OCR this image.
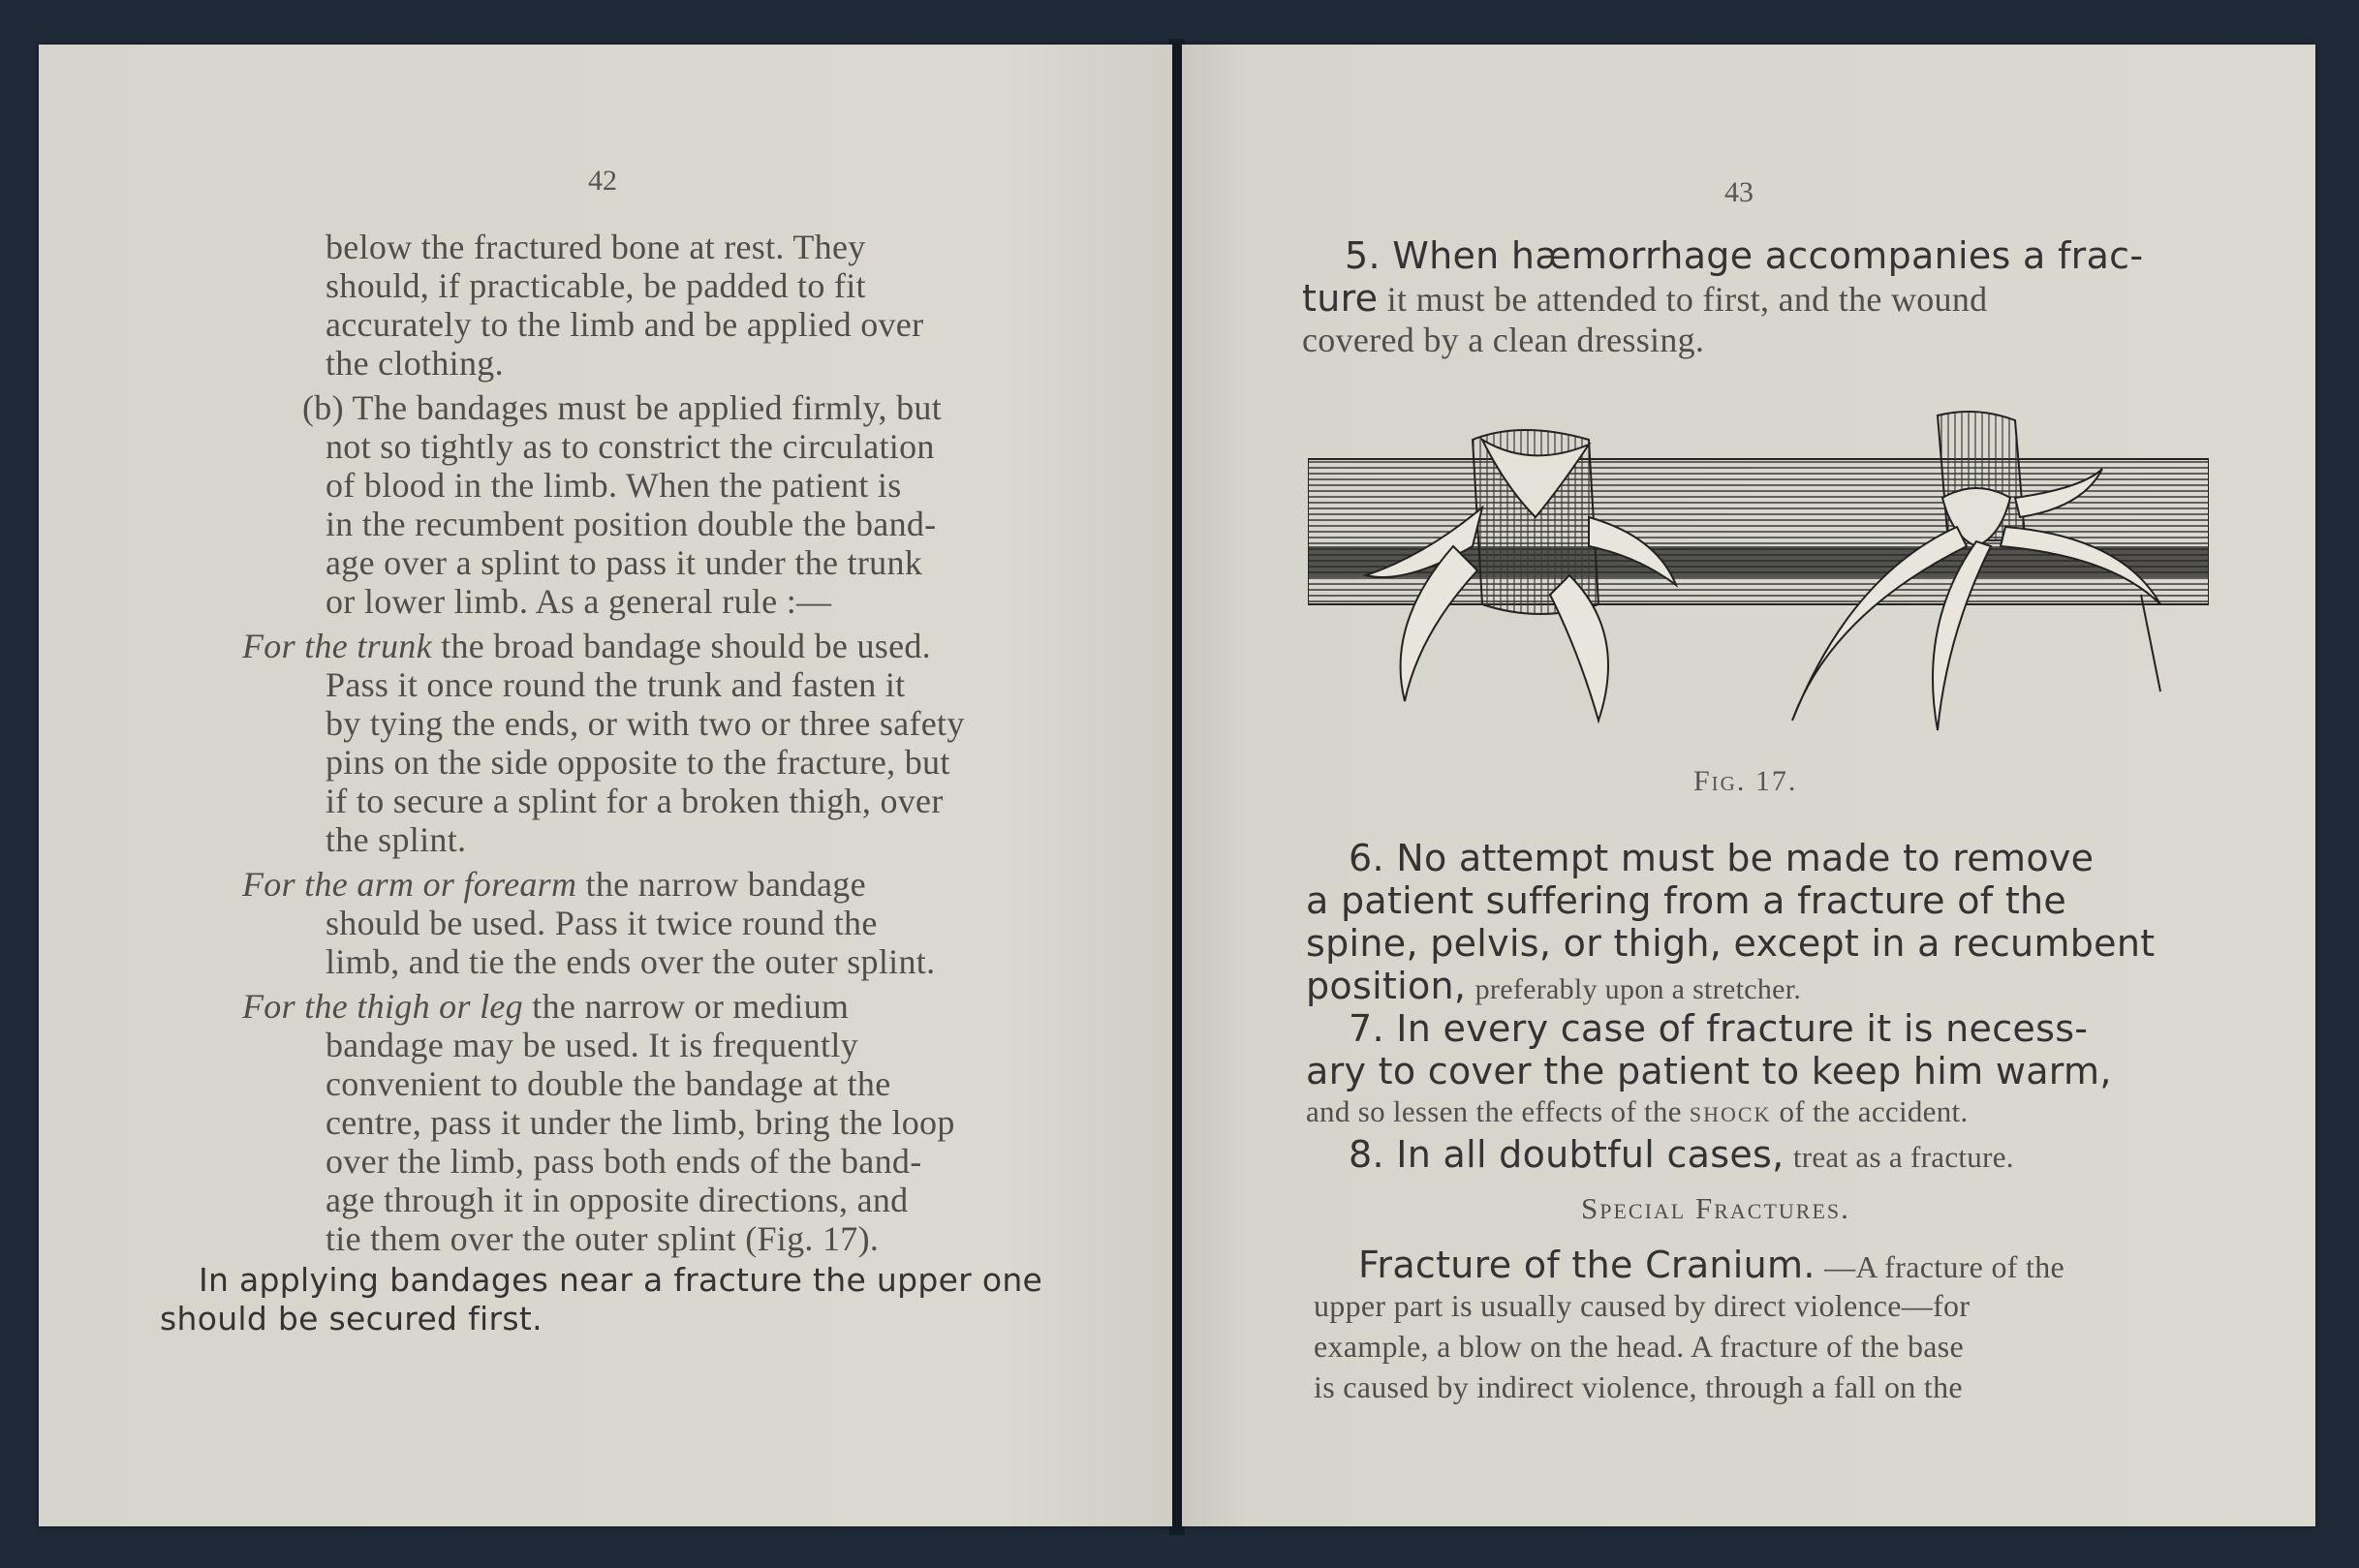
42
below the fractured bone at rest. They
should, if practicable, be padded to fit
accurately to the limb and be applied over
the clothing.
(b) The bandages must be applied firmly, but
not so tightly as to constrict the circulation
of blood in the limb. When the patient is
in the recumbent position double the band-
age over a splint to pass it under the trunk
or lower limb. As a general rule :—
For the trunk the broad bandage should be used.
Pass it once round the trunk and fasten it
by tying the ends, or with two or three safety
pins on the side opposite to the fracture, but
if to secure a splint for a broken thigh, over
the splint.
For the arm or forearm the narrow bandage
should be used. Pass it twice round the
limb, and tie the ends over the outer splint.
For the thigh or leg the narrow or medium
bandage may be used. It is frequently
convenient to double the bandage at the
centre, pass it under the limb, bring the loop
over the limb, pass both ends of the band-
age through it in opposite directions, and
tie them over the outer splint (Fig. 17).
In applying bandages near a fracture the upper one
should be secured first.
43
5. When hæmorrhage accompanies a frac-
ture it must be attended to first, and the wound
covered by a clean dressing.
Fig. 17.
6. No attempt must be made to remove
a patient suffering from a fracture of the
spine, pelvis, or thigh, except in a recumbent
position, preferably upon a stretcher.
7. In every case of fracture it is necess-
ary to cover the patient to keep him warm,
and so lessen the effects of the shock of the accident.
8. In all doubtful cases, treat as a fracture.
Special Fractures.
Fracture of the Cranium. —A fracture of the
upper part is usually caused by direct violence—for
example, a blow on the head. A fracture of the base
is caused by indirect violence, through a fall on the
